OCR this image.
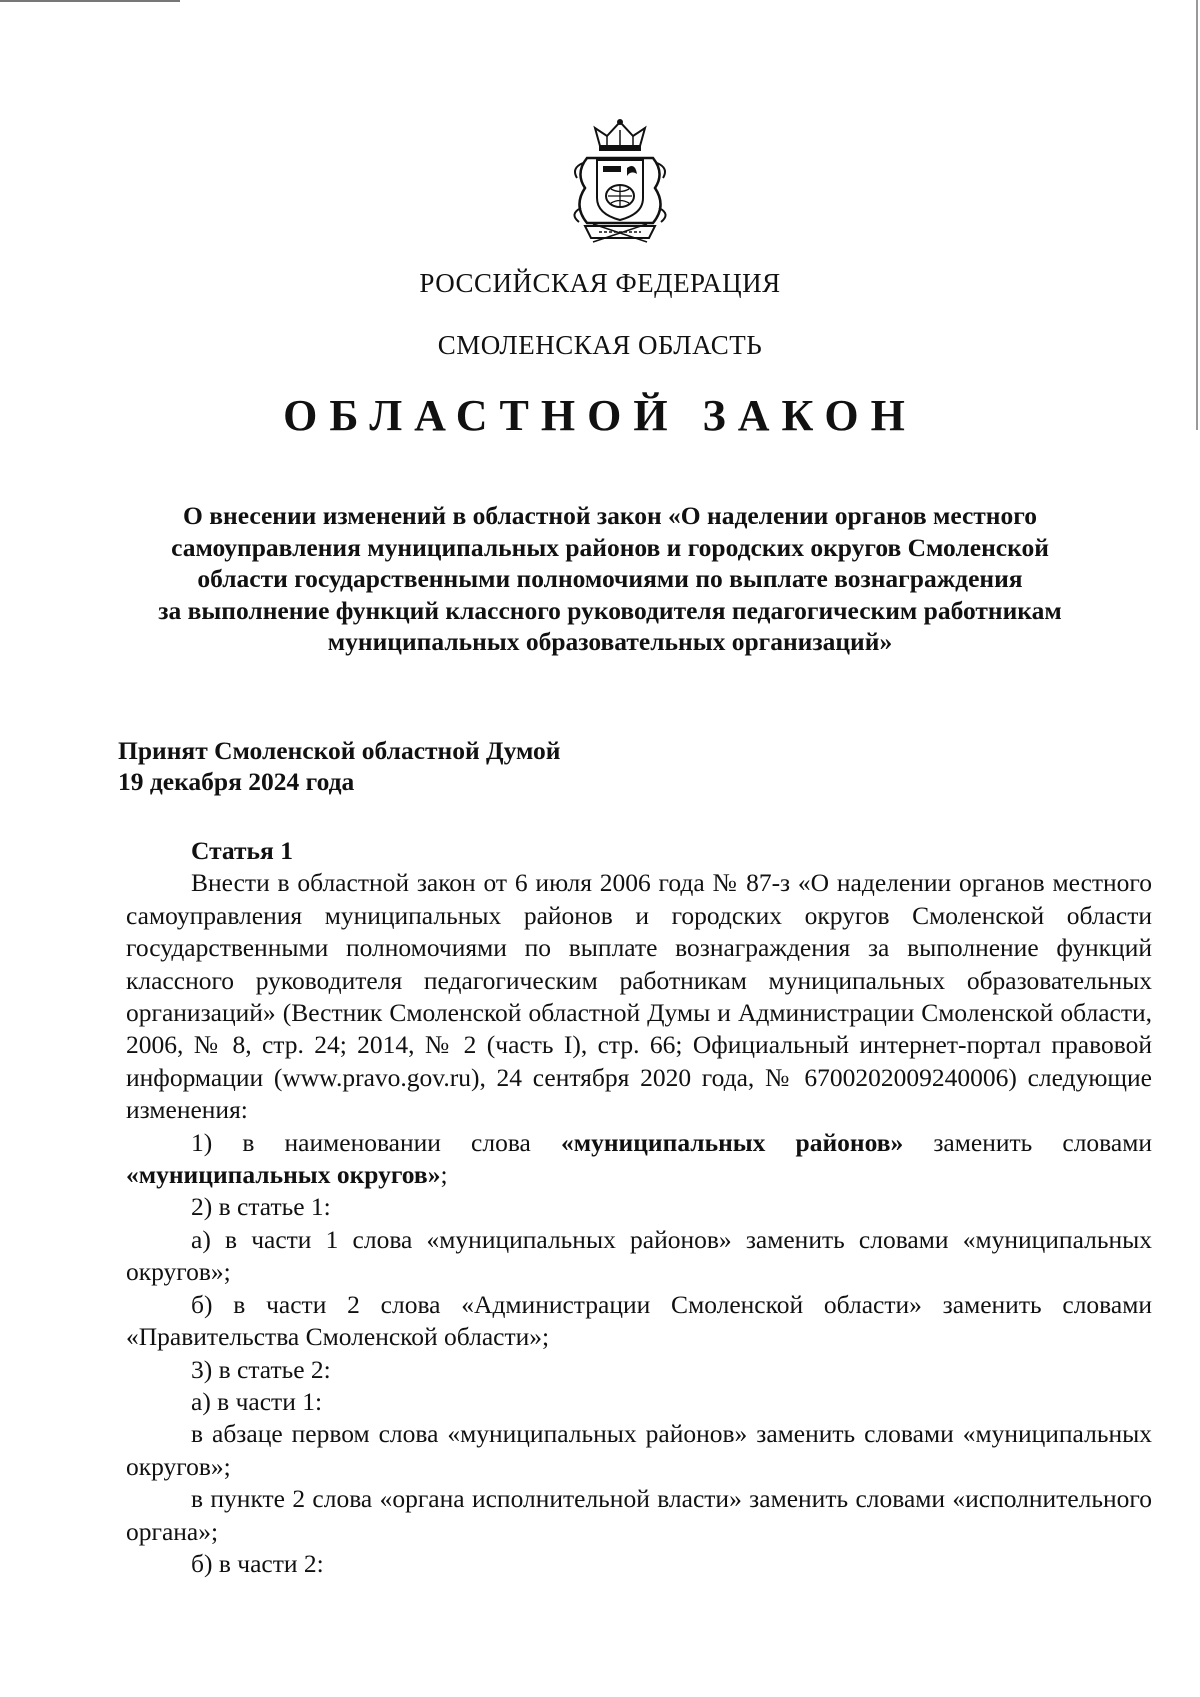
РОССИЙСКАЯ ФЕДЕРАЦИЯ
СМОЛЕНСКАЯ ОБЛАСТЬ
ОБЛАСТНОЙ ЗАКОН
О внесении изменений в областной закон «О наделении органов местного
самоуправления муниципальных районов и городских округов Смоленской
области государственными полномочиями по выплате вознаграждения
за выполнение функций классного руководителя педагогическим работникам
муниципальных образовательных организаций»
Принят Смоленской областной Думой
19 декабря 2024 года
Статья 1
Внести в областной закон от 6 июля 2006 года № 87-з «О наделении органов местного самоуправления муниципальных районов и городских округов Смоленской области государственными полномочиями по выплате вознаграждения за выполнение функций классного руководителя педагогическим работникам муниципальных образовательных организаций» (Вестник Смоленской областной Думы и Администрации Смоленской области, 2006, № 8, стр. 24; 2014, № 2 (часть I), стр. 66; Официальный интернет-портал правовой информации (www.pravo.gov.ru), 24 сентября 2020 года, № 6700202009240006) следующие изменения:
1) в наименовании слова «муниципальных районов» заменить словами «муниципальных округов»;
2) в статье 1:
а) в части 1 слова «муниципальных районов» заменить словами «муниципальных округов»;
б) в части 2 слова «Администрации Смоленской области» заменить словами «Правительства Смоленской области»;
3) в статье 2:
а) в части 1:
в абзаце первом слова «муниципальных районов» заменить словами «муниципальных округов»;
в пункте 2 слова «органа исполнительной власти» заменить словами «исполнительного органа»;
б) в части 2:
